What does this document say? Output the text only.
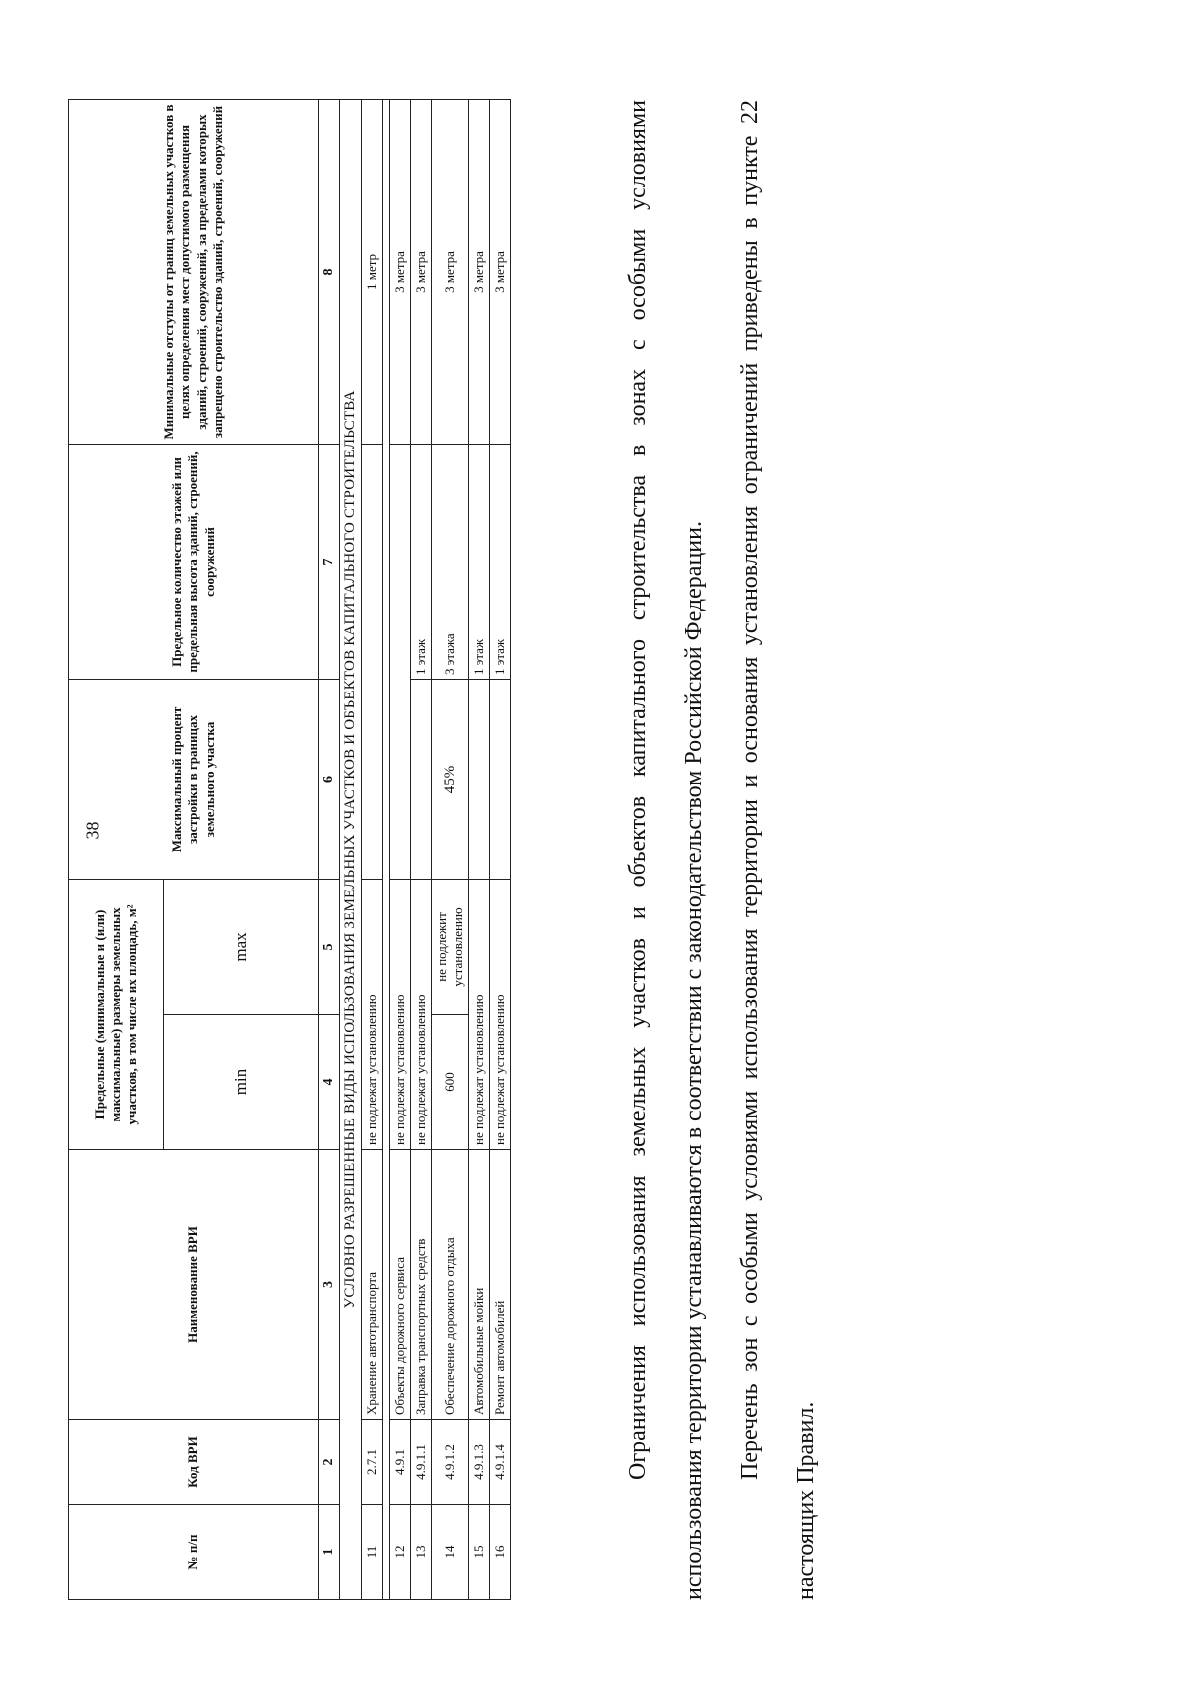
38
№ п/п	Код ВРИ	Наименование ВРИ	Предельные (минимальные и (или) максимальные) размеры земельных участков, в том числе их площадь, м²		Максимальный процент застройки в границах земельного участка	Предельное количество этажей или предельная высота зданий, строений, сооружений	Минимальные отступы от границ земельных участков в целях определения мест допустимого размещения зданий, строений, сооружений, за пределами которых запрещено строительство зданий, строений, сооружений
			min	max			
1	2	3	4	5	6	7	8
УСЛОВНО РАЗРЕШЕННЫЕ ВИДЫ ИСПОЛЬЗОВАНИЯ ЗЕМЕЛЬНЫХ УЧАСТКОВ И ОБЪЕКТОВ КАПИТАЛЬНОГО СТРОИТЕЛЬСТВА							
11	2.7.1	Хранение автотранспорта	не подлежат установлению				1 метр

12	4.9.1	Объекты дорожного сервиса	не подлежат установлению				3 метра
13	4.9.1.1	Заправка транспортных средств	не подлежат установлению			1 этаж	3 метра
14	4.9.1.2	Обеспечение дорожного отдыха	600	не подлежит установлению	45%	3 этажа	3 метра
15	4.9.1.3	Автомобильные мойки	не подлежат установлению			1 этаж	3 метра
16	4.9.1.4	Ремонт автомобилей	не подлежат установлению			1 этаж	3 метра	Ограничения использования земельных участков и объектов капитального строительства в зонах с особыми условиями использования территории устанавливаются в соответствии с законодательством Российской Федерации.	Перечень зон с особыми условиями использования территории и основания установления ограничений приведены в пункте 22 настоящих Правил.
